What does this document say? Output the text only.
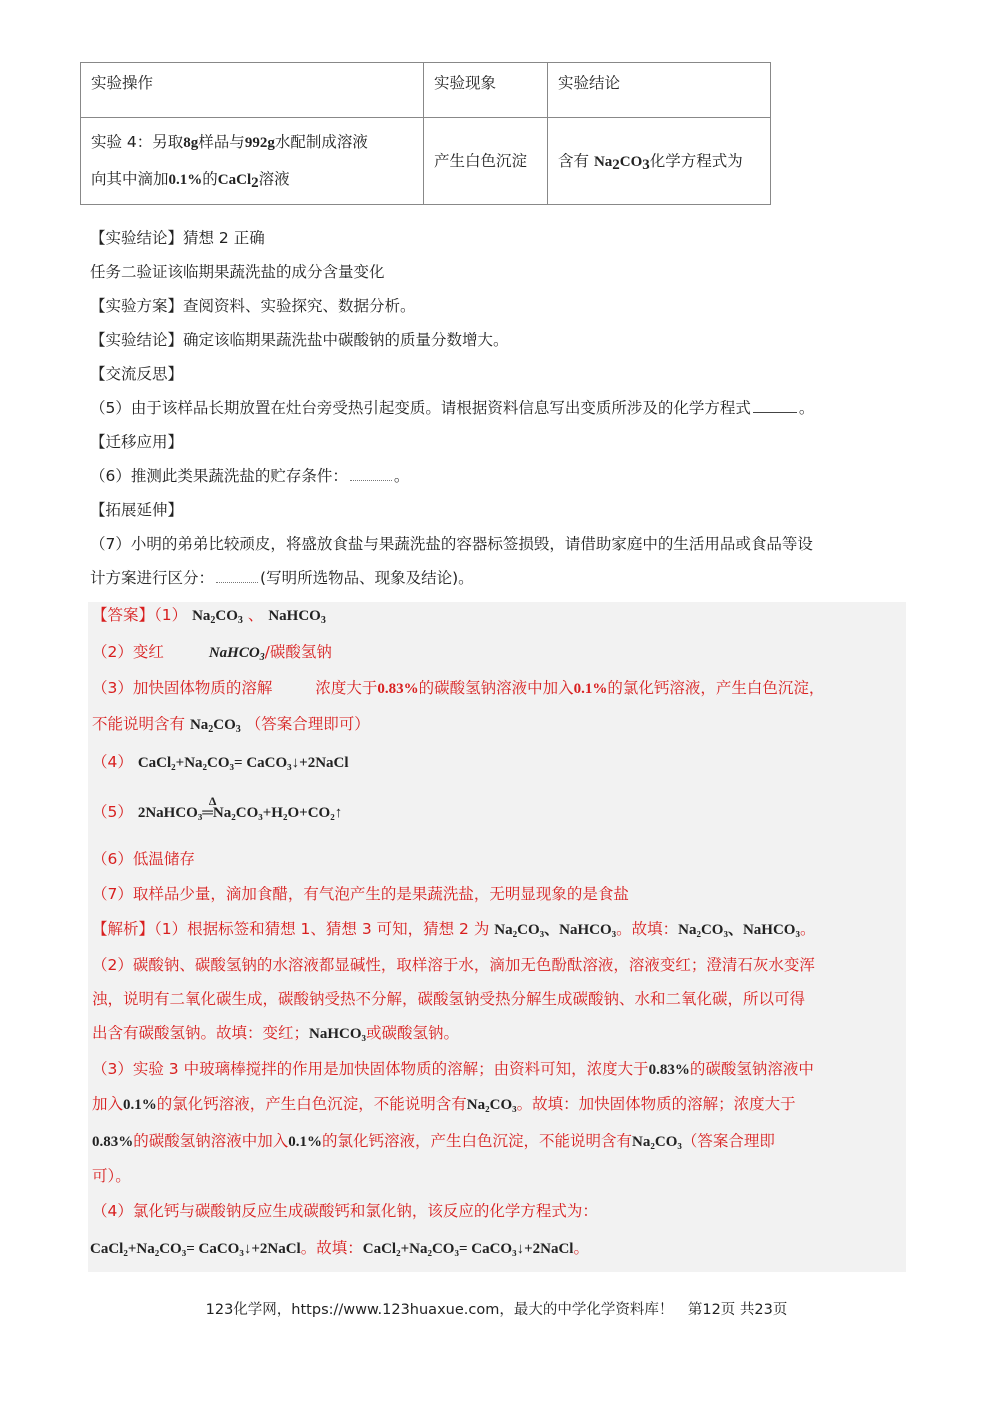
实验操作	实验现象	实验结论
实验 4：另取8g样品与992g水配制成溶液
向其中滴加0.1%的CaCl$_2$溶液	产生白色沉淀	含有 $Na_2CO_3$化学方程式为
【实验结论】猜想 2 正确
任务二验证该临期果蔬洗盐的成分含量变化
【实验方案】查阅资料、实验探究、数据分析。
【实验结论】确定该临期果蔬洗盐中碳酸钠的质量分数增大。
【交流反思】
（5）由于该样品长期放置在灶台旁受热引起变质。请根据资料信息写出变质所涉及的化学方程式	。
【迁移应用】
（6）推测此类果蔬洗盐的贮存条件：	。
【拓展延伸】
（7）小明的弟弟比较顽皮，将盛放食盐与果蔬洗盐的容器标签损毁，请借助家庭中的生活用品或食品等设
计方案进行区分：	(写明所选物品、现象及结论)。
【答案】（1） $Na_2CO_3$ 、 NaHCO$_3$
（2）变红	NaHCO$_3$/碳酸氢钠
（3）加快固体物质的溶解	浓度大于0.83%的碳酸氢钠溶液中加入0.1%的氯化钙溶液，产生白色沉淀，
不能说明含有 $Na_2CO_3$ （答案合理即可）
（4） CaCl₂+Na₂CO₃= CaCO₃↓+2NaCl
（5）
Δ
2NaHCO₃═Na₂CO₃+H₂O+CO₂↑
（6）低温储存
（7）取样品少量，滴加食醋，有气泡产生的是果蔬洗盐，无明显现象的是食盐
【解析】（1）根据标签和猜想 1、猜想 3 可知，猜想 2 为 Na₂CO₃、NaHCO₃。故填：Na₂CO₃、NaHCO₃。
（2）碳酸钠、碳酸氢钠的水溶液都显碱性，取样溶于水，滴加无色酚酞溶液，溶液变红；澄清石灰水变浑
浊，说明有二氧化碳生成，碳酸钠受热不分解，碳酸氢钠受热分解生成碳酸钠、水和二氧化碳，所以可得
出含有碳酸氢钠。故填：变红；NaHCO₃或碳酸氢钠。
（3）实验 3 中玻璃棒搅拌的作用是加快固体物质的溶解；由资料可知，浓度大于0.83%的碳酸氢钠溶液中
加入0.1%的氯化钙溶液，产生白色沉淀，不能说明含有Na₂CO₃。故填：加快固体物质的溶解；浓度大于
0.83%的碳酸氢钠溶液中加入0.1%的氯化钙溶液，产生白色沉淀，不能说明含有Na₂CO₃（答案合理即
可）。
（4）氯化钙与碳酸钠反应生成碳酸钙和氯化钠，该反应的化学方程式为：
CaCl₂+Na₂CO₃= CaCO₃↓+2NaCl。故填：CaCl₂+Na₂CO₃= CaCO₃↓+2NaCl。
123化学网，https://www.123huaxue.com，最大的中学化学资料库！　第12页 共23页
